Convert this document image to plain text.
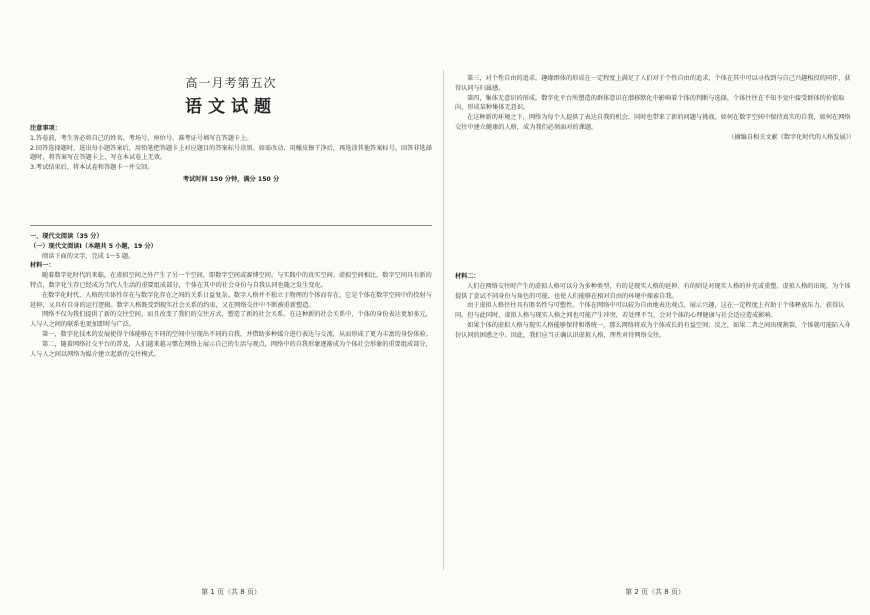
高一月考第五次
语文试题
注意事项：
1.答卷前，考生务必将自己的姓名、考场号、座位号、准考证号填写在答题卡上。
2.回答选择题时，选出每小题答案后，用铅笔把答题卡上对应题目的答案标号涂黑。如需改动，用橡皮擦干净后，再选涂其他答案标号。回答非选择题时，将答案写在答题卡上，写在本试卷上无效。
3.考试结束后，将本试卷和答题卡一并交回。
考试时间 150 分钟，满分 150 分
一、现代文阅读（35 分）
（一）现代文阅读Ⅰ（本题共 5 小题，19 分）
阅读下面的文字，完成 1～5 题。
材料一：
随着数字化时代的来临，在虚拟空间之外产生了另一个空间，即数字空间或赛博空间。与实践中的真实空间、虚拟空间相比，数字空间具有新的特点，数字化生存已经成为当代人生活的重要组成部分，个体在其中的社会身份与自我认同也随之发生变化。
在数字化时代，人格的实体性存在与数字化存在之间的关系日益复杂。数字人格并不独立于物理的个体而存在，它是个体在数字空间中的投射与延伸，又具有自身的运行逻辑。数字人格既受到现实社会关系的约束，又在网络交往中不断被重新塑造。
网络不仅为我们提供了新的交往空间，而且改变了我们的交往方式，塑造了新的社会关系。在这种新的社会关系中，个体的身份表达更加多元，人与人之间的联系也更加即时与广泛。
第一，数字化技术的发展使得个体能够在不同的空间中呈现出不同的自我，并借助多种媒介进行表达与交流，从而形成了更为丰富的身份体验。
第二，随着网络社交平台的普及，人们越来越习惯在网络上展示自己的生活与观点，网络中的自我形象逐渐成为个体社会形象的重要组成部分，人与人之间以网络为媒介建立起新的交往模式。
第 1 页（共 8 页）
第三，对个性自由的追求。趣缘群体的形成在一定程度上满足了人们对于个性自由的追求，个体在其中可以寻找到与自己兴趣相投的同伴，获得认同与归属感。
第四，集体无意识的形成。数字化平台所塑造的群体意识在潜移默化中影响着个体的判断与选择，个体往往在不知不觉中接受群体的价值取向，形成某种集体无意识。
在这种新的环境之下，网络为每个人提供了表达自我的机会，同时也带来了新的问题与挑战。如何在数字空间中保持真实的自我，如何在网络交往中建立健康的人格，成为我们必须面对的课题。
（摘编自相关文献《数字化时代的人格发展》）
材料二：
人们在网络交往时产生的虚拟人格可以分为多种类型，有的是现实人格的延伸，有的则是对现实人格的补充或重塑。虚拟人格的出现，为个体提供了尝试不同身份与角色的可能，也使人们能够在相对自由的环境中探索自我。
由于虚拟人格往往具有匿名性与可塑性，个体在网络中可以较为自由地表达观点、展示兴趣，这在一定程度上有助于个体释放压力、获得认同。但与此同时，虚拟人格与现实人格之间也可能产生冲突，若处理不当，会对个体的心理健康与社会适应造成影响。
如果个体的虚拟人格与现实人格能够保持和谐统一，那么网络将成为个体成长的有益空间；反之，如果二者之间出现割裂，个体就可能陷入身份认同的困惑之中。因此，我们应当正确认识虚拟人格，理性对待网络交往。
第 2 页（共 8 页）
